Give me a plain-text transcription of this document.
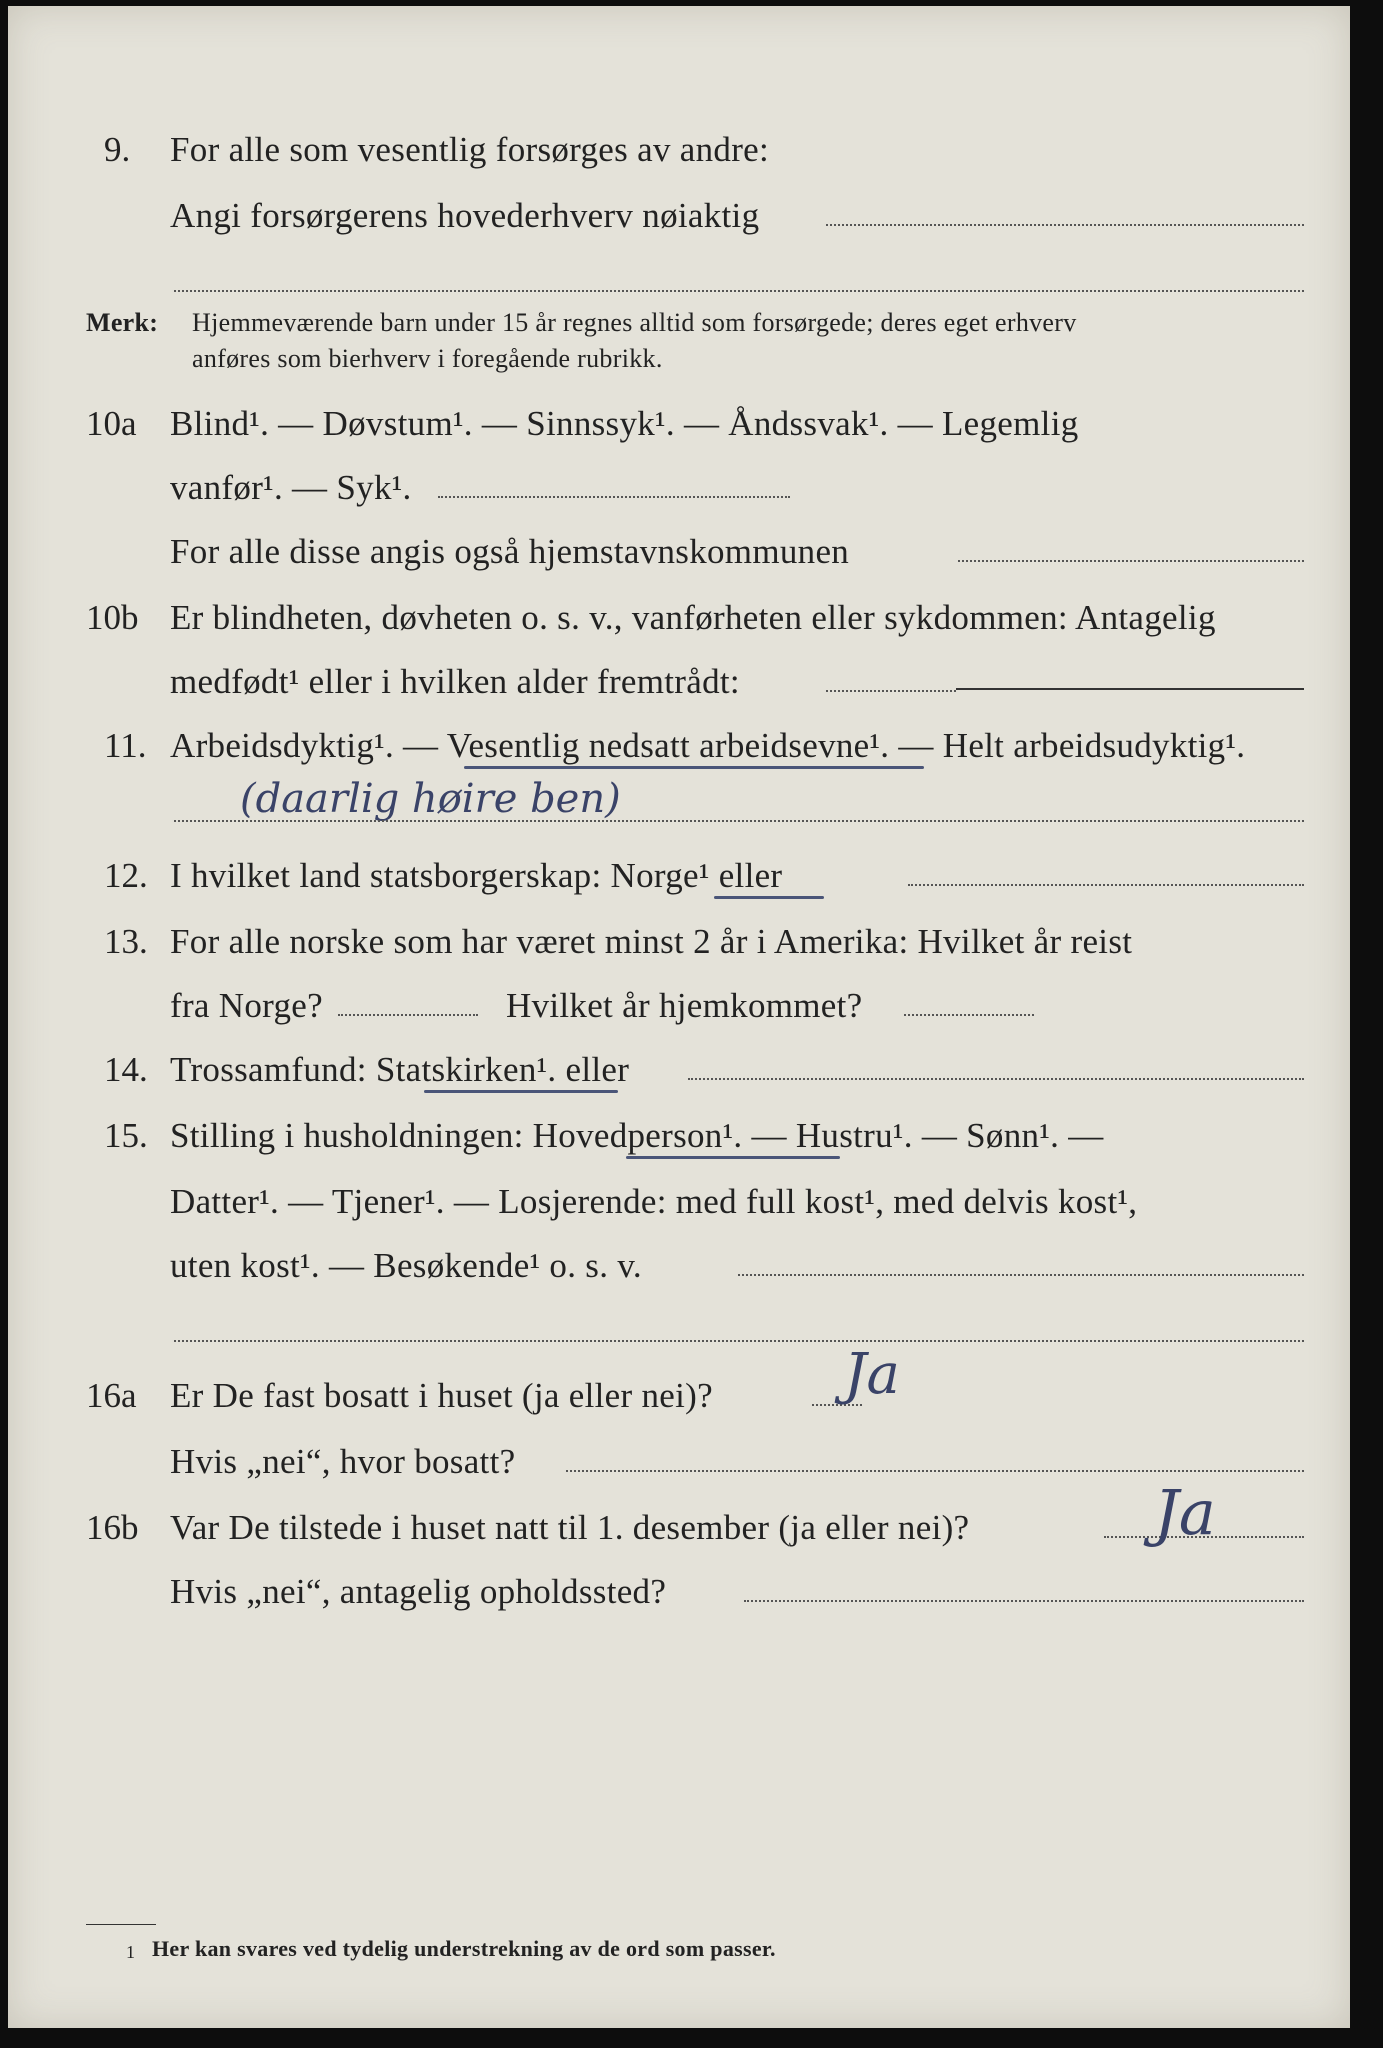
9. For alle som vesentlig forsørges av andre:
Angi forsørgerens hovederhverv nøiaktig
Merk: Hjemmeværende barn under 15 år regnes alltid som forsørgede; deres eget erhverv
anføres som bierhverv i foregående rubrikk.
10a Blind¹. — Døvstum¹. — Sinnssyk¹. — Åndssvak¹. — Legemlig
vanfør¹. — Syk¹.
For alle disse angis også hjemstavnskommunen
10b Er blindheten, døvheten o. s. v., vanførheten eller sykdommen: Antagelig
medfødt¹ eller i hvilken alder fremtrådt:
11. Arbeidsdyktig¹. — Vesentlig nedsatt arbeidsevne¹. — Helt arbeidsudyktig¹.
(daarlig høire ben)
12. I hvilket land statsborgerskap: Norge¹ eller
13. For alle norske som har været minst 2 år i Amerika: Hvilket år reist
fra Norge?	Hvilket år hjemkommet?
14. Trossamfund: Statskirken¹. eller
15. Stilling i husholdningen: Hovedperson¹. — Hustru¹. — Sønn¹. —
Datter¹. — Tjener¹. — Losjerende: med full kost¹, med delvis kost¹,
uten kost¹. — Besøkende¹ o. s. v.
16a Er De fast bosatt i huset (ja eller nei)? Ja
Hvis „nei“, hvor bosatt?
16b Var De tilstede i huset natt til 1. desember (ja eller nei)?	Ja
Hvis „nei“, antagelig opholdssted?
1 Her kan svares ved tydelig understrekning av de ord som passer.
